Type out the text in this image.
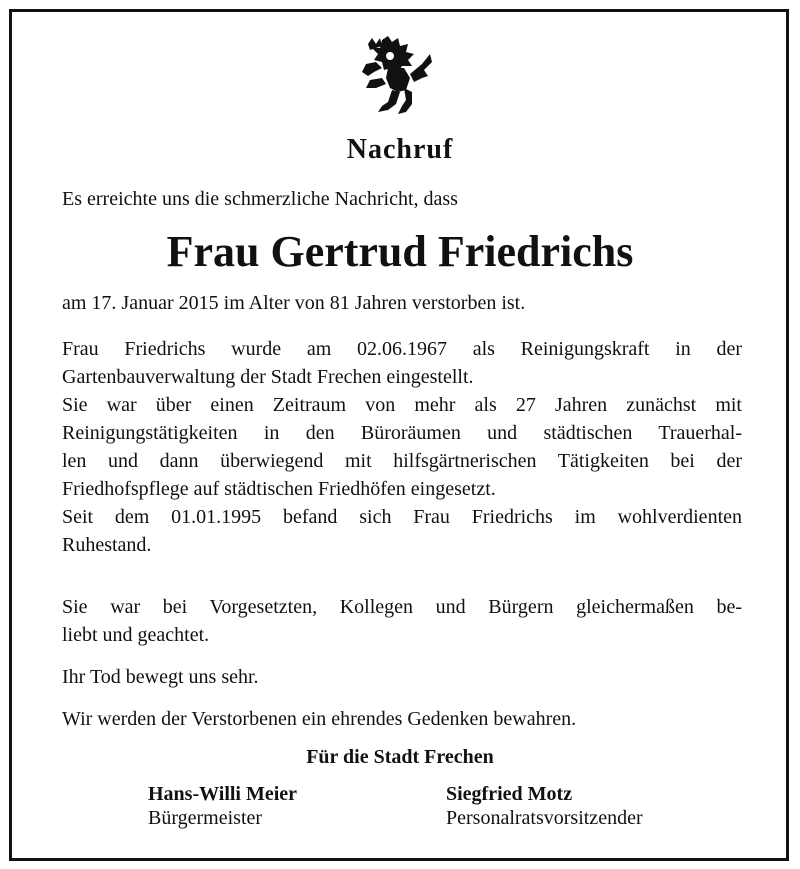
Nachruf
Es erreichte uns die schmerzliche Nachricht, dass
Frau Gertrud Friedrichs
am 17. Januar 2015 im Alter von 81 Jahren verstorben ist.
Frau Friedrichs wurde am 02.06.1967 als Reinigungskraft in der
Gartenbauverwaltung der Stadt Frechen eingestellt.
Sie war über einen Zeitraum von mehr als 27 Jahren zunächst mit
Reinigungstätigkeiten in den Büroräumen und städtischen Trauerhal-
len und dann überwiegend mit hilfsgärtnerischen Tätigkeiten bei der
Friedhofspflege auf städtischen Friedhöfen eingesetzt.
Seit dem 01.01.1995 befand sich Frau Friedrichs im wohlverdienten
Ruhestand.
Sie war bei Vorgesetzten, Kollegen und Bürgern gleichermaßen be-
liebt und geachtet.
Ihr Tod bewegt uns sehr.
Wir werden der Verstorbenen ein ehrendes Gedenken bewahren.
Für die Stadt Frechen
Hans-Willi Meier
Bürgermeister
Siegfried Motz
Personalratsvorsitzender
